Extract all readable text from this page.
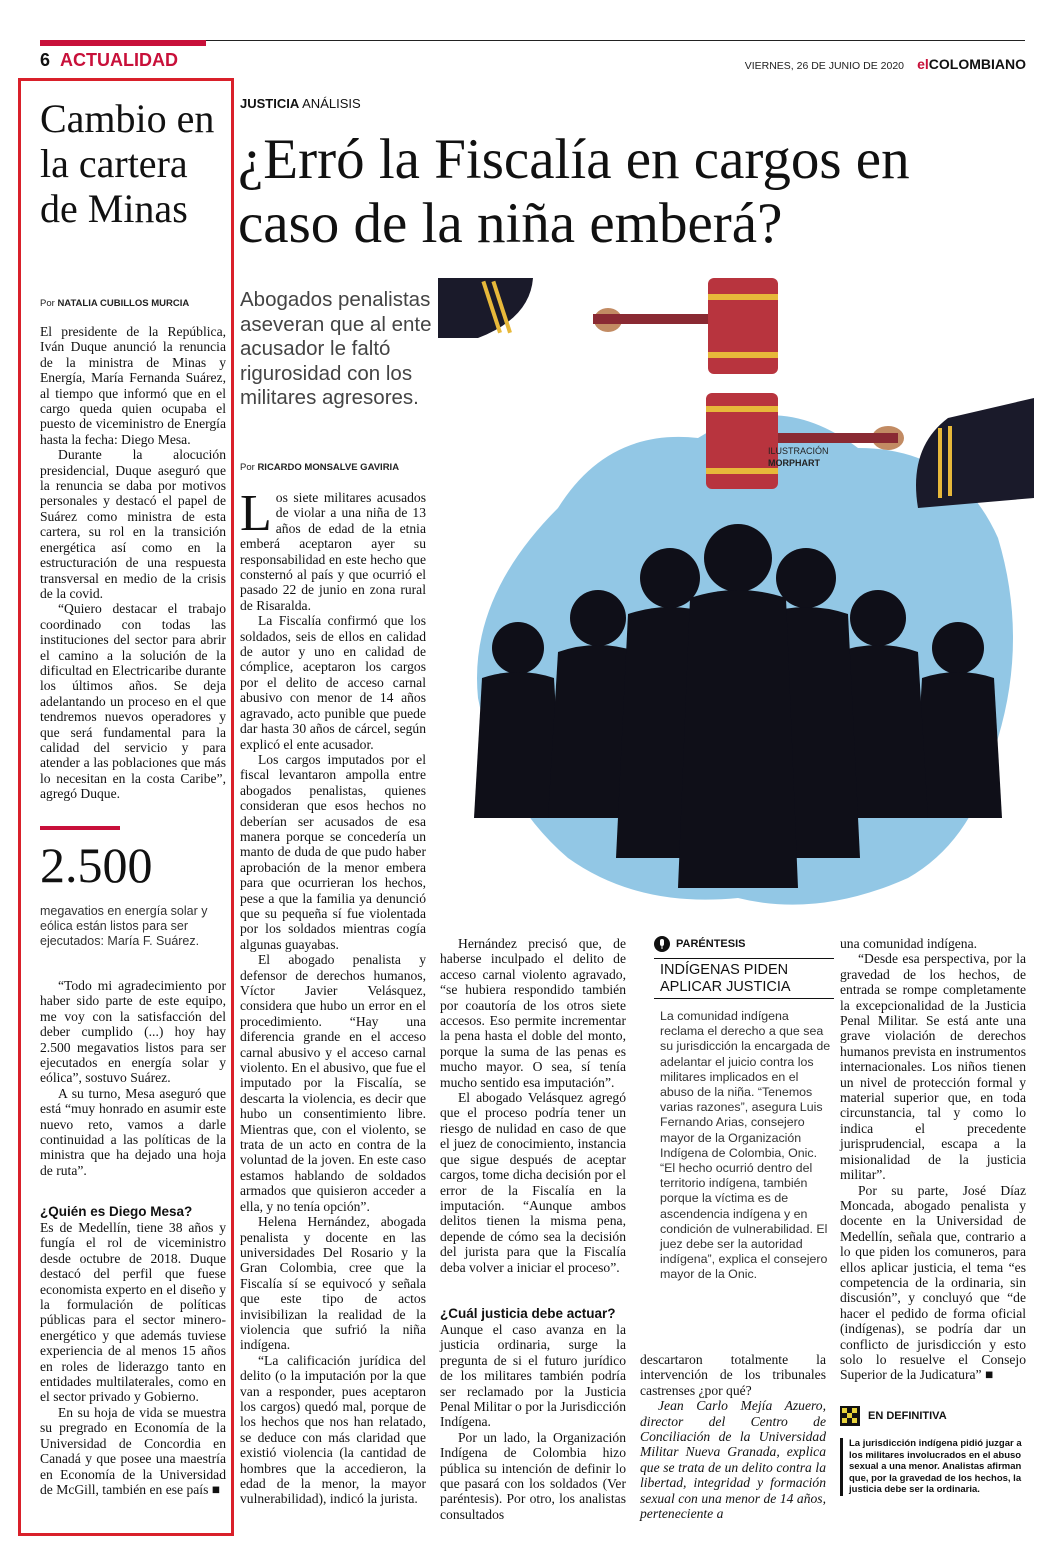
6 ACTUALIDAD	VIERNES, 26 DE JUNIO DE 2020 elCOLOMBIANO
Cambio en la cartera de Minas
Por NATALIA CUBILLOS MURCIA

El presidente de la República, Iván Duque anunció la renuncia de la ministra de Minas y Energía, María Fernanda Suárez, al tiempo que informó que en el cargo queda quien ocupaba el puesto de viceministro de Energía hasta la fecha: Diego Mesa.

Durante la alocución presidencial, Duque aseguró que la renuncia se daba por motivos personales y destacó el papel de Suárez como ministra de esta cartera, su rol en la transición energética así como en la estructuración de una respuesta transversal en medio de la crisis de la covid.

“Quiero destacar el trabajo coordinado con todas las instituciones del sector para abrir el camino a la solución de la dificultad en Electricaribe durante los últimos años. Se deja adelantando un proceso en el que tendremos nuevos operadores y que será fundamental para la calidad del servicio y para atender a las poblaciones que más lo necesitan en la costa Caribe”, agregó Duque.

2.500
megavatios en energía solar y eólica están listos para ser ejecutados: María F. Suárez.

“Todo mi agradecimiento por haber sido parte de este equipo, me voy con la satisfacción del deber cumplido (...) hoy hay 2.500 megavatios listos para ser ejecutados en energía solar y eólica”, sostuvo Suárez.

A su turno, Mesa aseguró que está “muy honrado en asumir este nuevo reto, vamos a darle continuidad a las políticas de la ministra que ha dejado una hoja de ruta”.

¿Quién es Diego Mesa?

Es de Medellín, tiene 38 años y fungía el rol de viceministro desde octubre de 2018. Duque destacó del perfil que fuese economista experto en el diseño y la formulación de políticas públicas para el sector minero-energético y que además tuviese experiencia de al menos 15 años en roles de liderazgo tanto en entidades multilaterales, como en el sector privado y Gobierno.

En su hoja de vida se muestra su pregrado en Economía de la Universidad de Concordia en Canadá y que posee una maestría en Economía de la Universidad de McGill, también en ese país ■

JUSTICIA ANÁLISIS
¿Erró la Fiscalía en cargos en caso de la niña emberá?
Abogados penalistas aseveran que al ente acusador le faltó rigurosidad con los militares agresores.
Por RICARDO MONSALVE GAVIRIA
ILUSTRACIÓN
MORPHART

Los siete militares acusados de violar a una niña de 13 años de edad de la etnia emberá aceptaron ayer su responsabilidad en este hecho que consternó al país y que ocurrió el pasado 22 de junio en zona rural de Risaralda.

La Fiscalía confirmó que los soldados, seis de ellos en calidad de autor y uno en calidad de cómplice, aceptaron los cargos por el delito de acceso carnal abusivo con menor de 14 años agravado, acto punible que puede dar hasta 30 años de cárcel, según explicó el ente acusador.

Los cargos imputados por el fiscal levantaron ampolla entre abogados penalistas, quienes consideran que esos hechos no deberían ser acusados de esa manera porque se concedería un manto de duda de que pudo haber aprobación de la menor embera para que ocurrieran los hechos, pese a que la familia ya denunció que su pequeña sí fue violentada por los soldados mientras cogía algunas guayabas.

El abogado penalista y defensor de derechos humanos, Víctor Javier Velásquez, considera que hubo un error en el procedimiento. “Hay una diferencia grande en el acceso carnal abusivo y el acceso carnal violento. En el abusivo, que fue el imputado por la Fiscalía, se descarta la violencia, es decir que hubo un consentimiento libre. Mientras que, con el violento, se trata de un acto en contra de la voluntad de la joven. En este caso estamos hablando de soldados armados que quisieron acceder a ella, y no tenía opción”.

Helena Hernández, abogada penalista y docente en las universidades Del Rosario y la Gran Colombia, cree que la Fiscalía sí se equivocó y señala que este tipo de actos invisibilizan la realidad de la violencia que sufrió la niña indígena.

“La calificación jurídica del delito (o la imputación por la que van a responder, pues aceptaron los cargos) quedó mal, porque de los hechos que nos han relatado, se deduce con más claridad que existió violencia (la cantidad de hombres que la accedieron, la edad de la menor, la mayor vulnerabilidad), indicó la jurista.

Hernández precisó que, de haberse inculpado el delito de acceso carnal violento agravado, “se hubiera respondido también por coautoría de los otros siete accesos. Eso permite incrementar la pena hasta el doble del monto, porque la suma de las penas es mucho mayor. O sea, sí tenía mucho sentido esa imputación”.

El abogado Velásquez agregó que el proceso podría tener un riesgo de nulidad en caso de que el juez de conocimiento, instancia que sigue después de aceptar cargos, tome dicha decisión por el error de la Fiscalía en la imputación. “Aunque ambos delitos tienen la misma pena, depende de cómo sea la decisión del jurista para que la Fiscalía deba volver a iniciar el proceso”.

¿Cuál justicia debe actuar?

Aunque el caso avanza en la justicia ordinaria, surge la pregunta de si el futuro jurídico de los militares también podría ser reclamado por la Justicia Penal Militar o por la Jurisdicción Indígena.

Por un lado, la Organización Indígena de Colombia hizo pública su intención de definir lo que pasará con los soldados (Ver paréntesis). Por otro, los analistas consultados

PARÉNTESIS
INDÍGENAS PIDEN APLICAR JUSTICIA
La comunidad indígena reclama el derecho a que sea su jurisdicción la encargada de adelantar el juicio contra los militares implicados en el abuso de la niña. “Tenemos varias razones”, asegura Luis Fernando Arias, consejero mayor de la Organización Indígena de Colombia, Onic. “El hecho ocurrió dentro del territorio indígena, también porque la víctima es de ascendencia indígena y en condición de vulnerabilidad. El juez debe ser la autoridad indígena”, explica el consejero mayor de la Onic.

descartaron totalmente la intervención de los tribunales castrenses ¿por qué?

Jean Carlo Mejía Azuero, director del Centro de Conciliación de la Universidad Militar Nueva Granada, explica que se trata de un delito contra la libertad, integridad y formación sexual con una menor de 14 años, perteneciente a

una comunidad indígena.

“Desde esa perspectiva, por la gravedad de los hechos, de entrada se rompe completamente la excepcionalidad de la Justicia Penal Militar. Se está ante una grave violación de derechos humanos prevista en instrumentos internacionales. Los niños tienen un nivel de protección formal y material superior que, en toda circunstancia, tal y como lo indica el precedente jurisprudencial, escapa a la misionalidad de la justicia militar”.

Por su parte, José Díaz Moncada, abogado penalista y docente en la Universidad de Medellín, señala que, contrario a lo que piden los comuneros, para ellos aplicar justicia, el tema “es competencia de la ordinaria, sin discusión”, y concluyó que “de hacer el pedido de forma oficial (indígenas), se podría dar un conflicto de jurisdicción y esto solo lo resuelve el Consejo Superior de la Judicatura” ■

EN DEFINITIVA
La jurisdicción indígena pidió juzgar a los militares involucrados en el abuso sexual a una menor. Analistas afirman que, por la gravedad de los hechos, la justicia debe ser la ordinaria.
